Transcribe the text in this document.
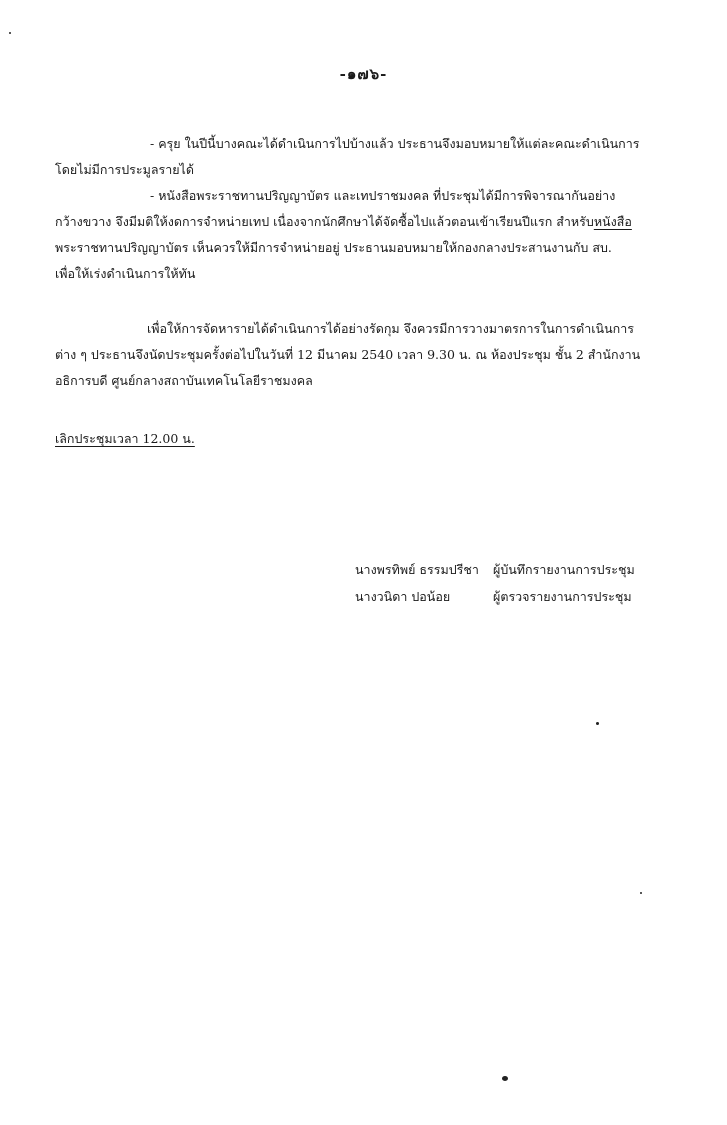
-๑๗๖-

- ครุย ในปีนี้บางคณะได้ดำเนินการไปบ้างแล้ว ประธานจึงมอบหมายให้แต่ละคณะดำเนินการ
โดยไม่มีการประมูลรายได้

- หนังสือพระราชทานปริญญาบัตร และเทปราชมงคล ที่ประชุมได้มีการพิจารณากันอย่าง
กว้างขวาง จึงมีมติให้งดการจำหน่ายเทป เนื่องจากนักศึกษาได้จัดซื้อไปแล้วตอนเข้าเรียนปีแรก สำหรับหนังสือ
พระราชทานปริญญาบัตร เห็นควรให้มีการจำหน่ายอยู่ ประธานมอบหมายให้กองกลางประสานงานกับ สบ.
เพื่อให้เร่งดำเนินการให้ทัน

เพื่อให้การจัดหารายได้ดำเนินการได้อย่างรัดกุม จึงควรมีการวางมาตรการในการดำเนินการ
ต่าง ๆ ประธานจึงนัดประชุมครั้งต่อไปในวันที่ 12 มีนาคม 2540 เวลา 9.30 น. ณ ห้องประชุม ชั้น 2 สำนักงาน
อธิการบดี ศูนย์กลางสถาบันเทคโนโลยีราชมงคล

เลิกประชุมเวลา 12.00 น.
นางพรทิพย์ ธรรมปรีชา	ผู้บันทึกรายงานการประชุม
นางวนิดา ปอน้อย	ผู้ตรวจรายงานการประชุม
